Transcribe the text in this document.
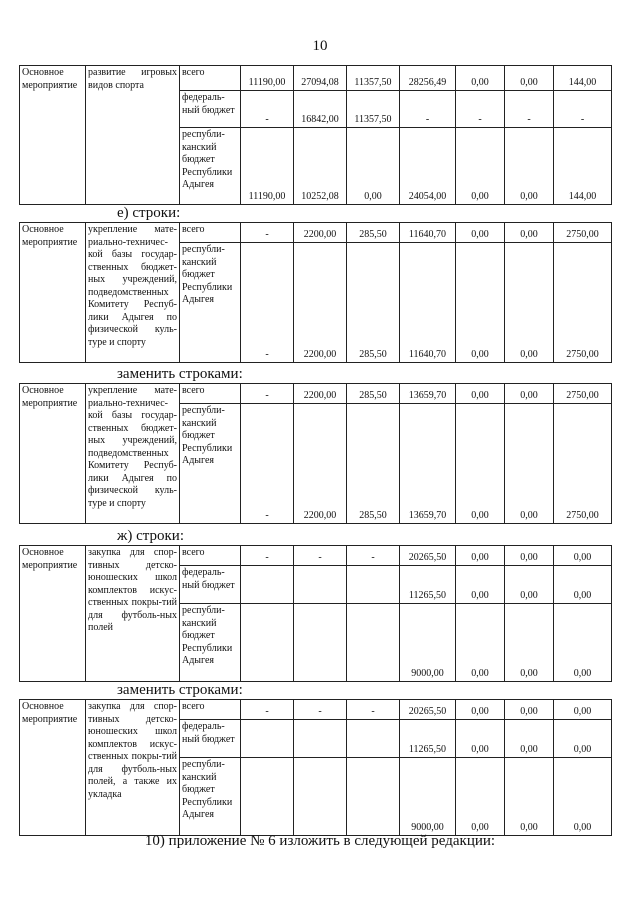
10
Основное мероприятие	развитие игровых видов спорта	всего	11190,00	27094,08	11357,50	28256,49	0,00	0,00	144,00
		федераль-ный бюджет	-	16842,00	11357,50	-	-	-	-
		республи-канский бюджет Республики Адыгея	11190,00	10252,08	0,00	24054,00	0,00	0,00	144,00
е) строки:
Основное мероприятие	укрепление мате-риально-техничес-кой базы государ-ственных бюджет-ных учреждений, подведомственных Комитету Респуб-лики Адыгея по физической куль-туре и спорту	всего	-	2200,00	285,50	11640,70	0,00	0,00	2750,00
		республи-канский бюджет Республики Адыгея	-	2200,00	285,50	11640,70	0,00	0,00	2750,00
заменить строками:
Основное мероприятие	укрепление мате-риально-техничес-кой базы государ-ственных бюджет-ных учреждений, подведомственных Комитету Респуб-лики Адыгея по физической куль-туре и спорту	всего	-	2200,00	285,50	13659,70	0,00	0,00	2750,00
		республи-канский бюджет Республики Адыгея	-	2200,00	285,50	13659,70	0,00	0,00	2750,00
ж) строки:
Основное мероприятие	закупка для спор-тивных детско-юношеских школ комплектов искус-ственных покры-тий для футболь-ных полей	всего	-	-	-	20265,50	0,00	0,00	0,00
		федераль-ный бюджет				11265,50	0,00	0,00	0,00
		республи-канский бюджет Республики Адыгея				9000,00	0,00	0,00	0,00
заменить строками:
Основное мероприятие	закупка для спор-тивных детско-юношеских школ комплектов искус-ственных покры-тий для футболь-ных полей, а также их укладка	всего	-	-	-	20265,50	0,00	0,00	0,00
		федераль-ный бюджет				11265,50	0,00	0,00	0,00
		республи-канский бюджет Республики Адыгея				9000,00	0,00	0,00	0,00
10) приложение № 6 изложить в следующей редакции:
